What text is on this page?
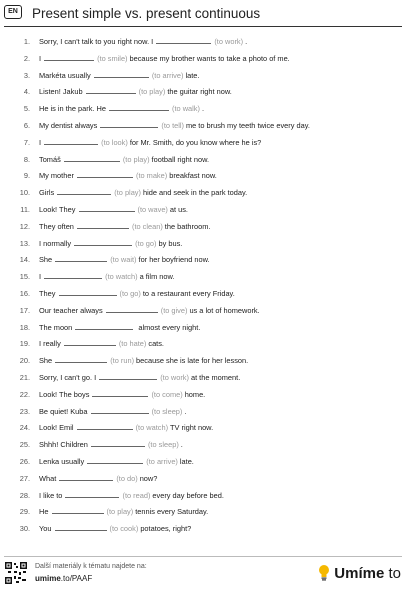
EN	Present simple vs. present continuous
1. Sorry, I can't talk to you right now. I	(to work) .
2. I	(to smile) because my brother wants to take a photo of me.
3. Markéta usually	(to arrive) late.
4. Listen! Jakub	(to play) the guitar right now.
5. He is in the park. He	(to walk) .
6. My dentist always	(to tell) me to brush my teeth twice every day.
7. I	(to look) for Mr. Smith, do you know where he is?
8. Tomáš	(to play) football right now.
9. My mother	(to make) breakfast now.
10. Girls	(to play) hide and seek in the park today.
11. Look! They	(to wave) at us.
12. They often	(to clean) the bathroom.
13. I normally	(to go) by bus.
14. She	(to wait) for her boyfriend now.
15. I	(to watch) a film now.
16. They	(to go) to a restaurant every Friday.
17. Our teacher always	(to give) us a lot of homework.
18. The moon	almost every night.
19. I really	(to hate) cats.
20. She	(to run) because she is late for her lesson.
21. Sorry, I can't go. I	(to work) at the moment.
22. Look! The boys	(to come) home.
23. Be quiet! Kuba	(to sleep) .
24. Look! Emil	(to watch) TV right now.
25. Shhh! Children	(to sleep) .
26. Lenka usually	(to arrive) late.
27. What	(to do) now?
28. I like to	(to read) every day before bed.
29. He	(to play) tennis every Saturday.
30. You	(to cook) potatoes, right?
Další materiály k tématu najdete na:
umime.to/PAAF	Umíme to
